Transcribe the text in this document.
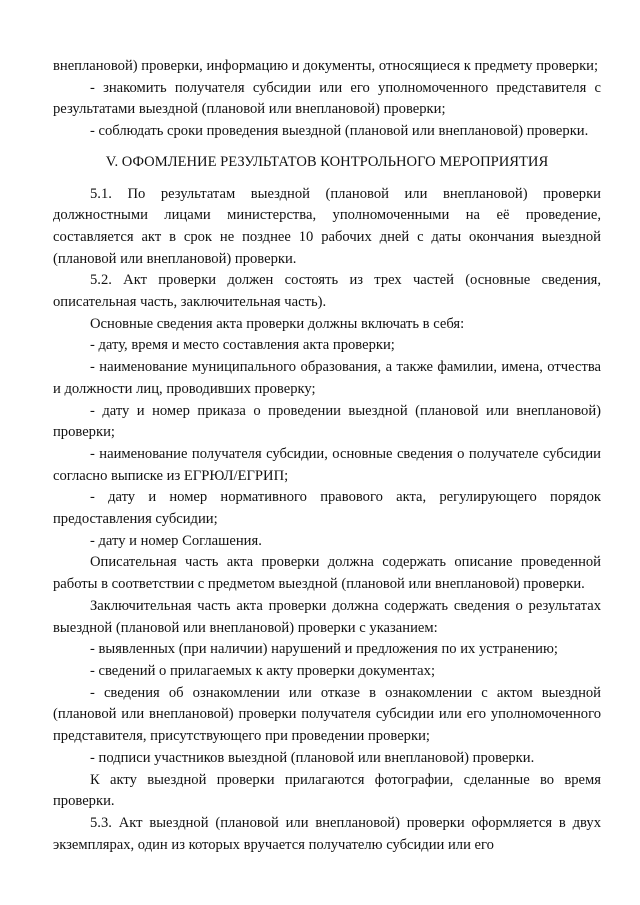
внеплановой) проверки, информацию и документы, относящиеся к предмету проверки;

- знакомить получателя субсидии или его уполномоченного представителя с результатами выездной (плановой или внеплановой) проверки;

- соблюдать сроки проведения выездной (плановой или внеплановой) проверки.

V. ОФОМЛЕНИЕ РЕЗУЛЬТАТОВ КОНТРОЛЬНОГО МЕРОПРИЯТИЯ

5.1. По результатам выездной (плановой или внеплановой) проверки должностными лицами министерства, уполномоченными на её проведение, составляется акт в срок не позднее 10 рабочих дней с даты окончания выездной (плановой или внеплановой) проверки.

5.2. Акт проверки должен состоять из трех частей (основные сведения, описательная часть, заключительная часть).

Основные сведения акта проверки должны включать в себя:

- дату, время и место составления акта проверки;

- наименование муниципального образования, а также фамилии, имена, отчества и должности лиц, проводивших проверку;

- дату и номер приказа о проведении выездной (плановой или внеплановой) проверки;

- наименование получателя субсидии, основные сведения о получателе субсидии согласно выписке из ЕГРЮЛ/ЕГРИП;

- дату и номер нормативного правового акта, регулирующего порядок предоставления субсидии;

- дату и номер Соглашения.

Описательная часть акта проверки должна содержать описание проведенной работы в соответствии с предметом выездной (плановой или внеплановой) проверки.

Заключительная часть акта проверки должна содержать сведения о результатах выездной (плановой или внеплановой) проверки с указанием:

- выявленных (при наличии) нарушений и предложения по их устранению;

- сведений о прилагаемых к акту проверки документах;

- сведения об ознакомлении или отказе в ознакомлении с актом выездной (плановой или внеплановой) проверки получателя субсидии или его уполномоченного представителя, присутствующего при проведении проверки;

- подписи участников выездной (плановой или внеплановой) проверки.

К акту выездной проверки прилагаются фотографии, сделанные во время проверки.

5.3. Акт выездной (плановой или внеплановой) проверки оформляется в двух экземплярах, один из которых вручается получателю субсидии или его
